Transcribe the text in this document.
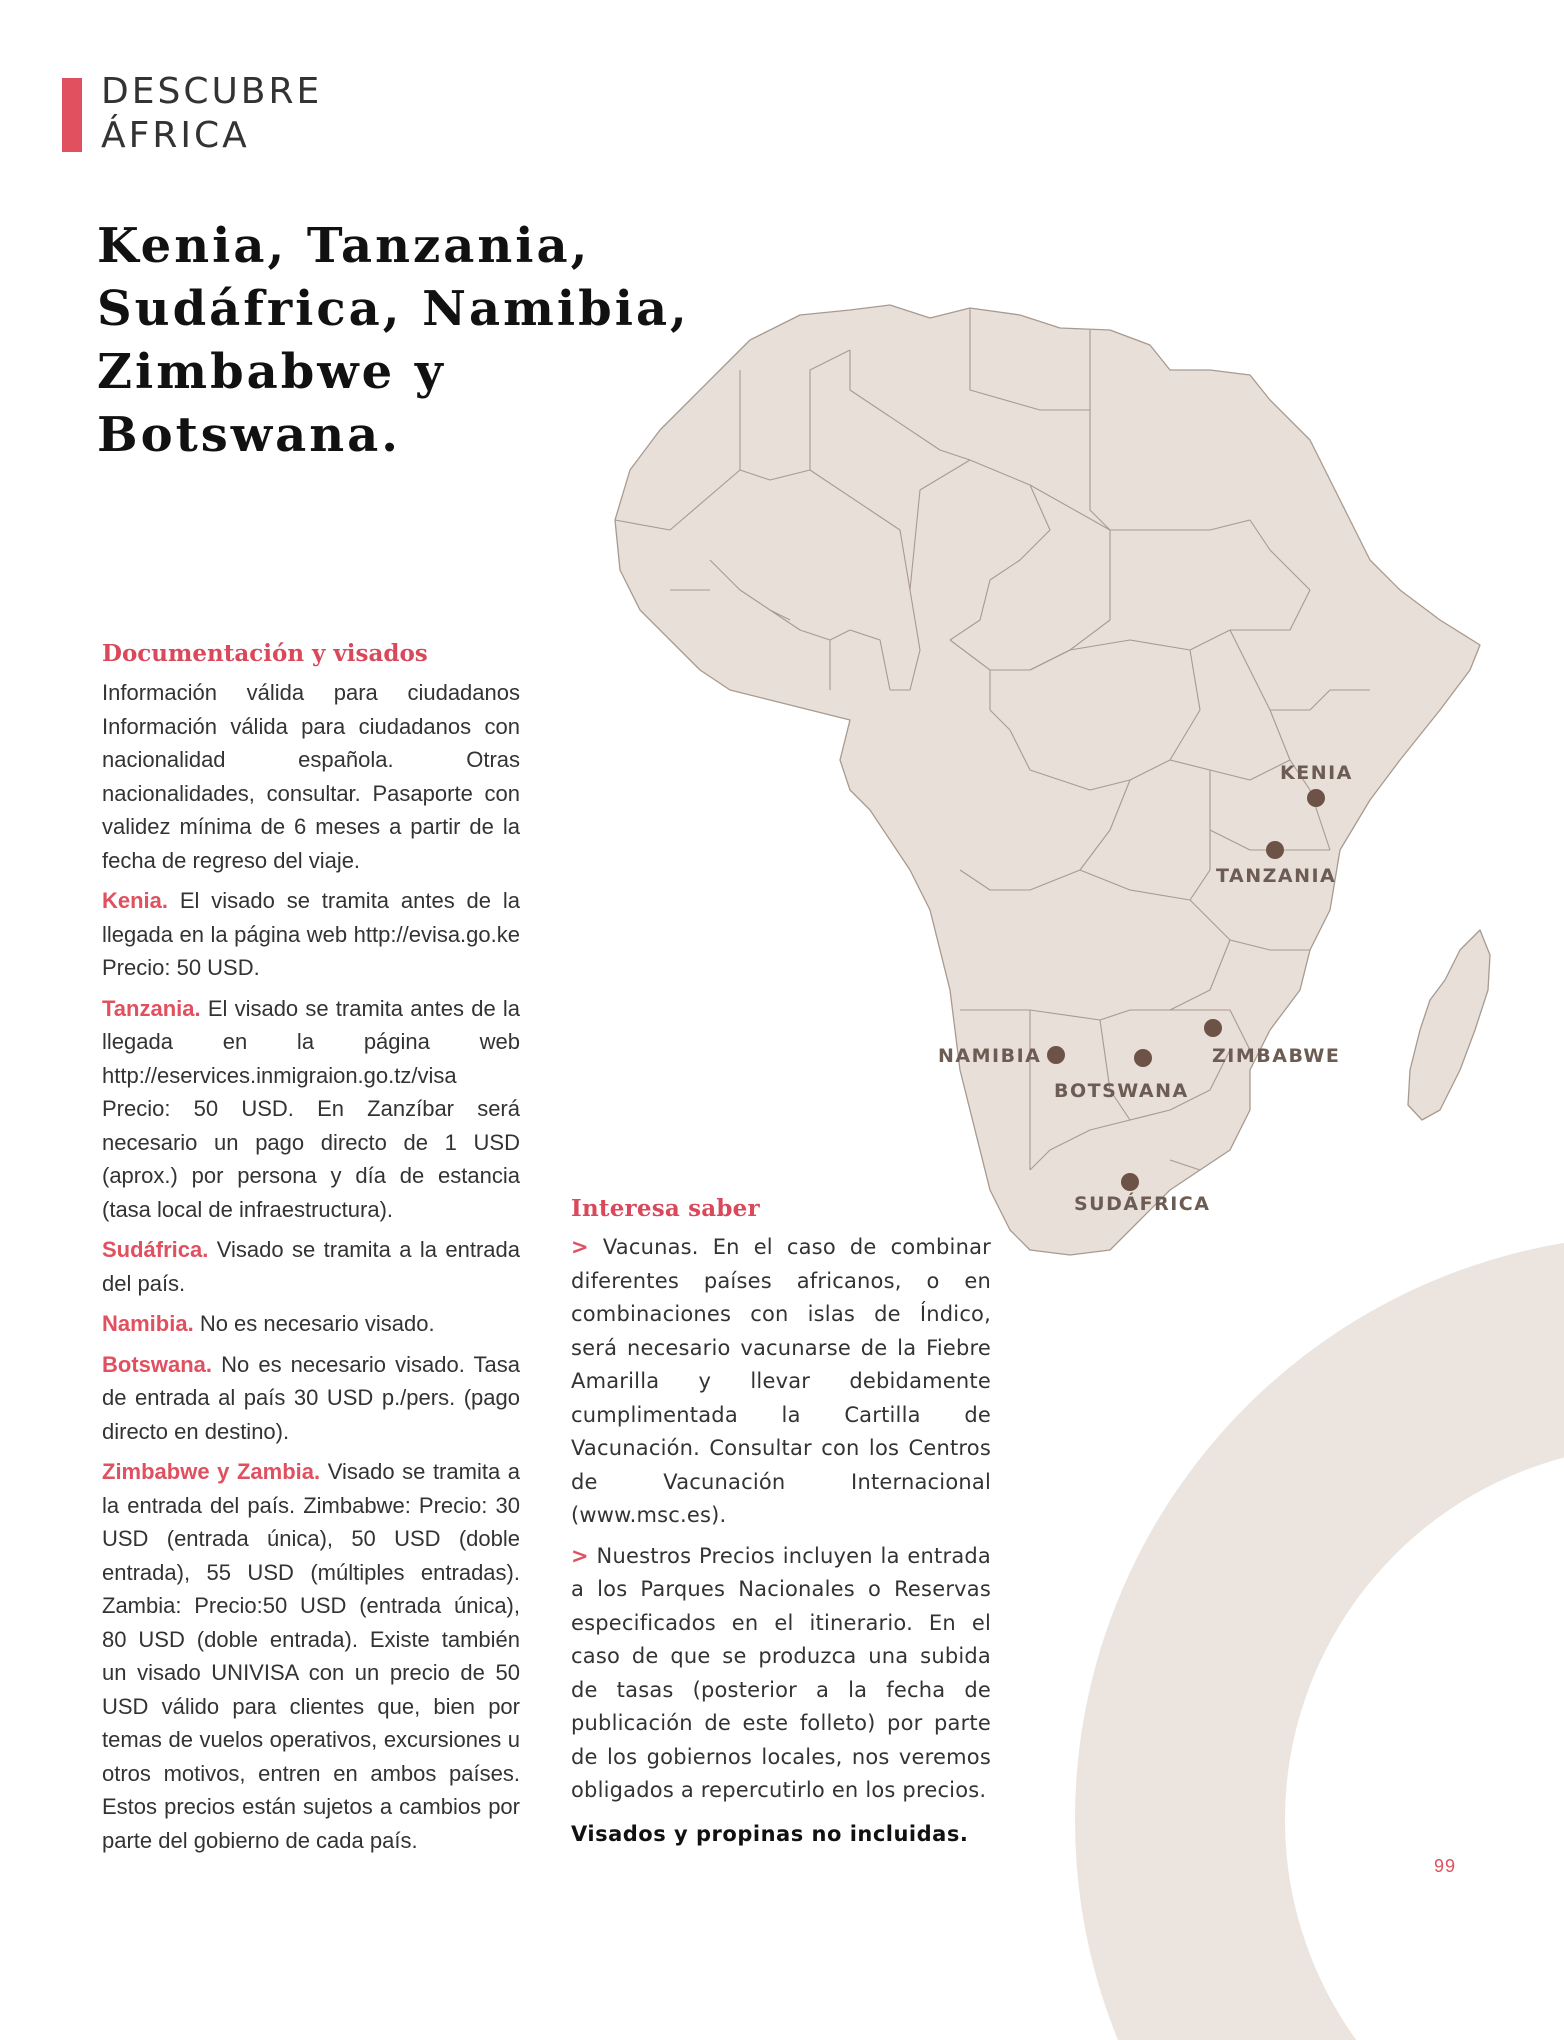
DESCUBRE
ÁFRICA
Kenia, Tanzania,
Sudáfrica, Namibia,
Zimbabwe y
Botswana.
KENIA
TANZANIA
NAMIBIA
BOTSWANA
ZIMBABWE
SUDÁFRICA
Documentación y visados

Información válida para ciudadanos Información válida para ciudadanos con nacionalidad española. Otras nacionalidades, consultar. Pasaporte con validez mínima de 6 meses a partir de la fecha de regreso del viaje.

Kenia. El visado se tramita antes de la llegada en la página web http://evisa.go.ke Precio: 50 USD.

Tanzania. El visado se tramita antes de la llegada en la página web http://eservices.inmigraion.go.tz/visa Precio: 50 USD. En Zanzíbar será necesario un pago directo de 1 USD (aprox.) por persona y día de estancia (tasa local de infraestructura).

Sudáfrica. Visado se tramita a la entrada del país.

Namibia. No es necesario visado.

Botswana. No es necesario visado. Tasa de entrada al país 30 USD p./pers. (pago directo en destino).

Zimbabwe y Zambia. Visado se tramita a la entrada del país. Zimbabwe: Precio: 30 USD (entrada única), 50 USD (doble entrada), 55 USD (múltiples entradas). Zambia: Precio:50 USD (entrada única), 80 USD (doble entrada). Existe también un visado UNIVISA con un precio de 50 USD válido para clientes que, bien por temas de vuelos operativos, excursiones u otros motivos, entren en ambos países. Estos precios están sujetos a cambios por parte del gobierno de cada país.

Interesa saber

> Vacunas. En el caso de combinar diferentes países africanos, o en combinaciones con islas de Índico, será necesario vacunarse de la Fiebre Amarilla y llevar debidamente cumplimentada la Cartilla de Vacunación. Consultar con los Centros de Vacunación Internacional (www.msc.es).

> Nuestros Precios incluyen la entrada a los Parques Nacionales o Reservas especificados en el itinerario. En el caso de que se produzca una subida de tasas (posterior a la fecha de publicación de este folleto) por parte de los gobiernos locales, nos veremos obligados a repercutirlo en los precios.

Visados y propinas no incluidas.

99
